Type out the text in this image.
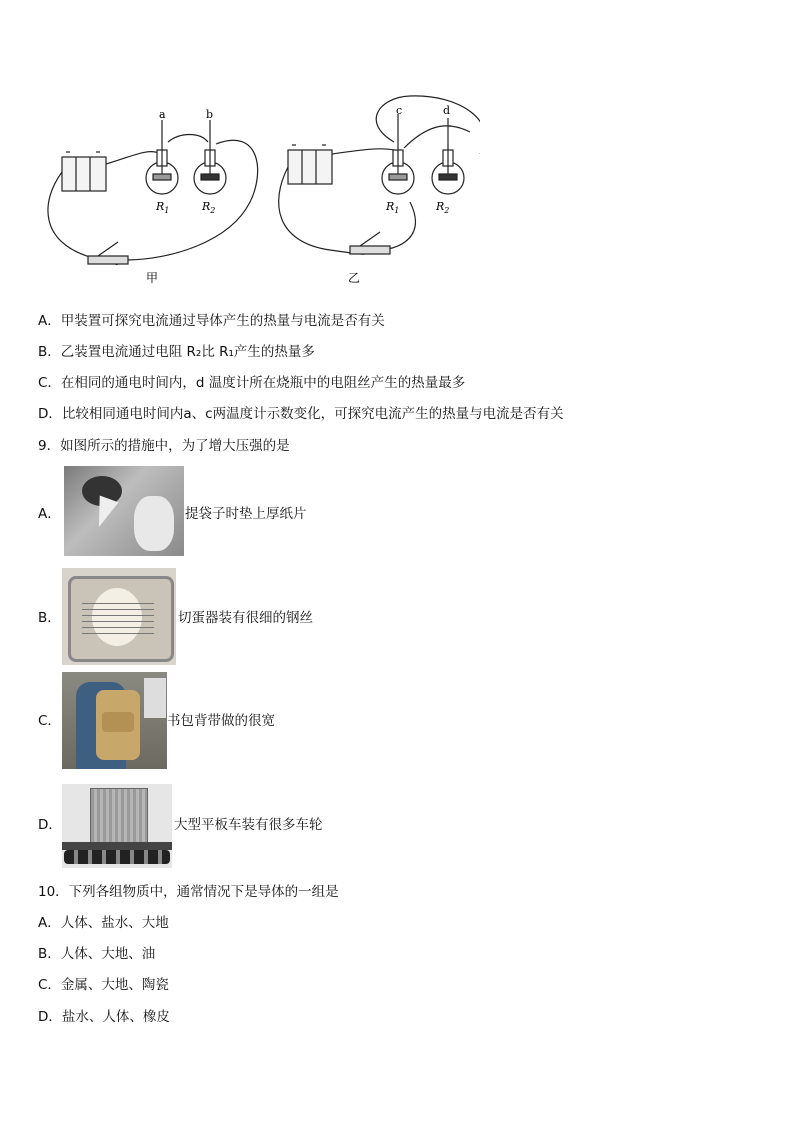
a	b
$R_1$	$R_2$
甲
c	d
$R_1$	$R_2$
乙
A．甲装置可探究电流通过导体产生的热量与电流是否有关
B．乙装置电流通过电阻 R₂比 R₁产生的热量多
C．在相同的通电时间内，d 温度计所在烧瓶中的电阻丝产生的热量最多
D．比较相同通电时间内a、c两温度计示数变化，可探究电流产生的热量与电流是否有关
9．如图所示的措施中，为了增大压强的是
A．	提袋子时垫上厚纸片
B．	切蛋器装有很细的钢丝
C．	书包背带做的很宽
D．	大型平板车装有很多车轮
10．下列各组物质中，通常情况下是导体的一组是
A．人体、盐水、大地
B．人体、大地、油
C．金属、大地、陶瓷
D．盐水、人体、橡皮
